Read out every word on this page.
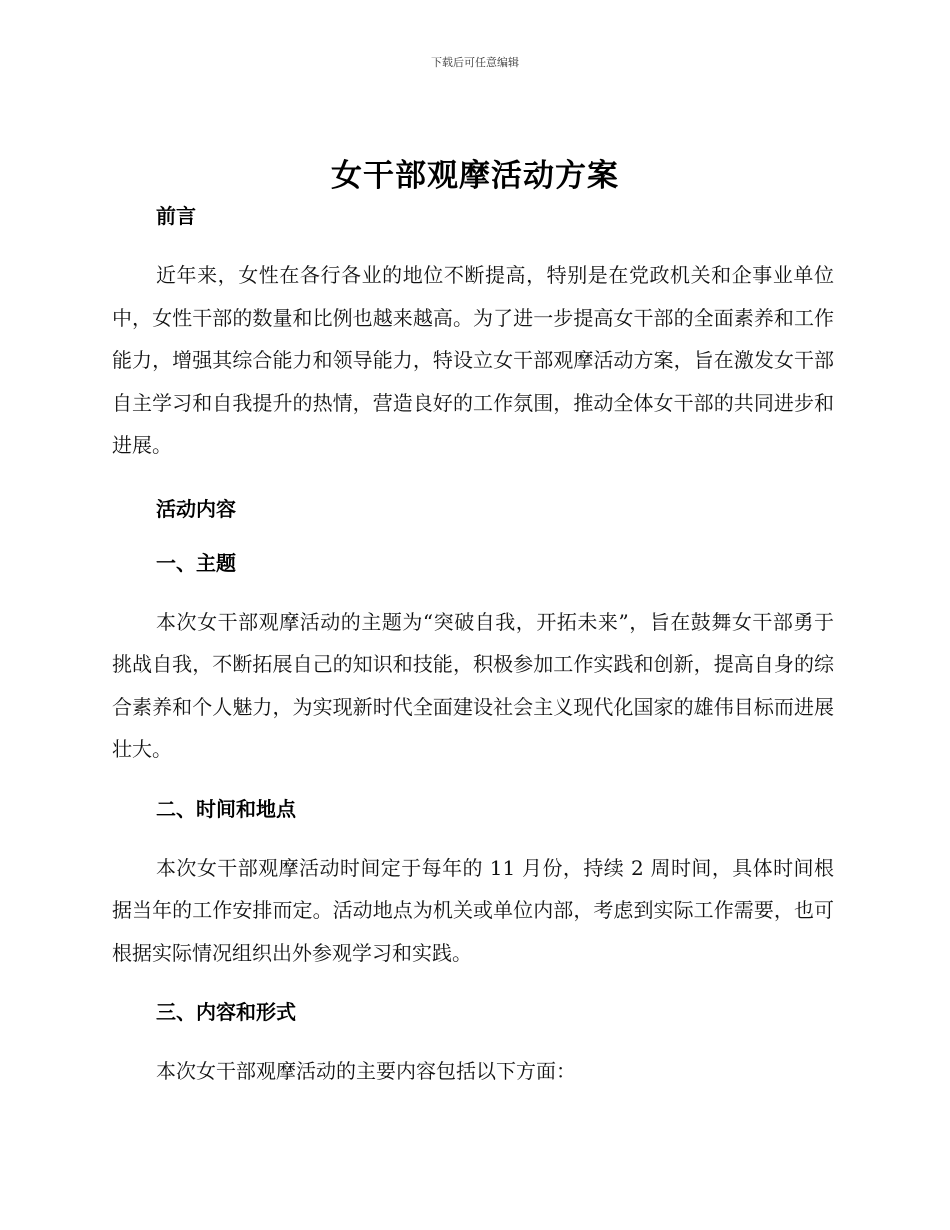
下载后可任意编辑
女干部观摩活动方案
前言

近年来，女性在各行各业的地位不断提高，特别是在党政机关和企事业单位中，女性干部的数量和比例也越来越高。为了进一步提高女干部的全面素养和工作能力，增强其综合能力和领导能力，特设立女干部观摩活动方案，旨在激发女干部自主学习和自我提升的热情，营造良好的工作氛围，推动全体女干部的共同进步和进展。

活动内容
一、主题

本次女干部观摩活动的主题为“突破自我，开拓未来”，旨在鼓舞女干部勇于挑战自我，不断拓展自己的知识和技能，积极参加工作实践和创新，提高自身的综合素养和个人魅力，为实现新时代全面建设社会主义现代化国家的雄伟目标而进展壮大。

二、时间和地点

本次女干部观摩活动时间定于每年的 11 月份，持续 2 周时间，具体时间根据当年的工作安排而定。活动地点为机关或单位内部，考虑到实际工作需要，也可根据实际情况组织出外参观学习和实践。

三、内容和形式

本次女干部观摩活动的主要内容包括以下方面：
